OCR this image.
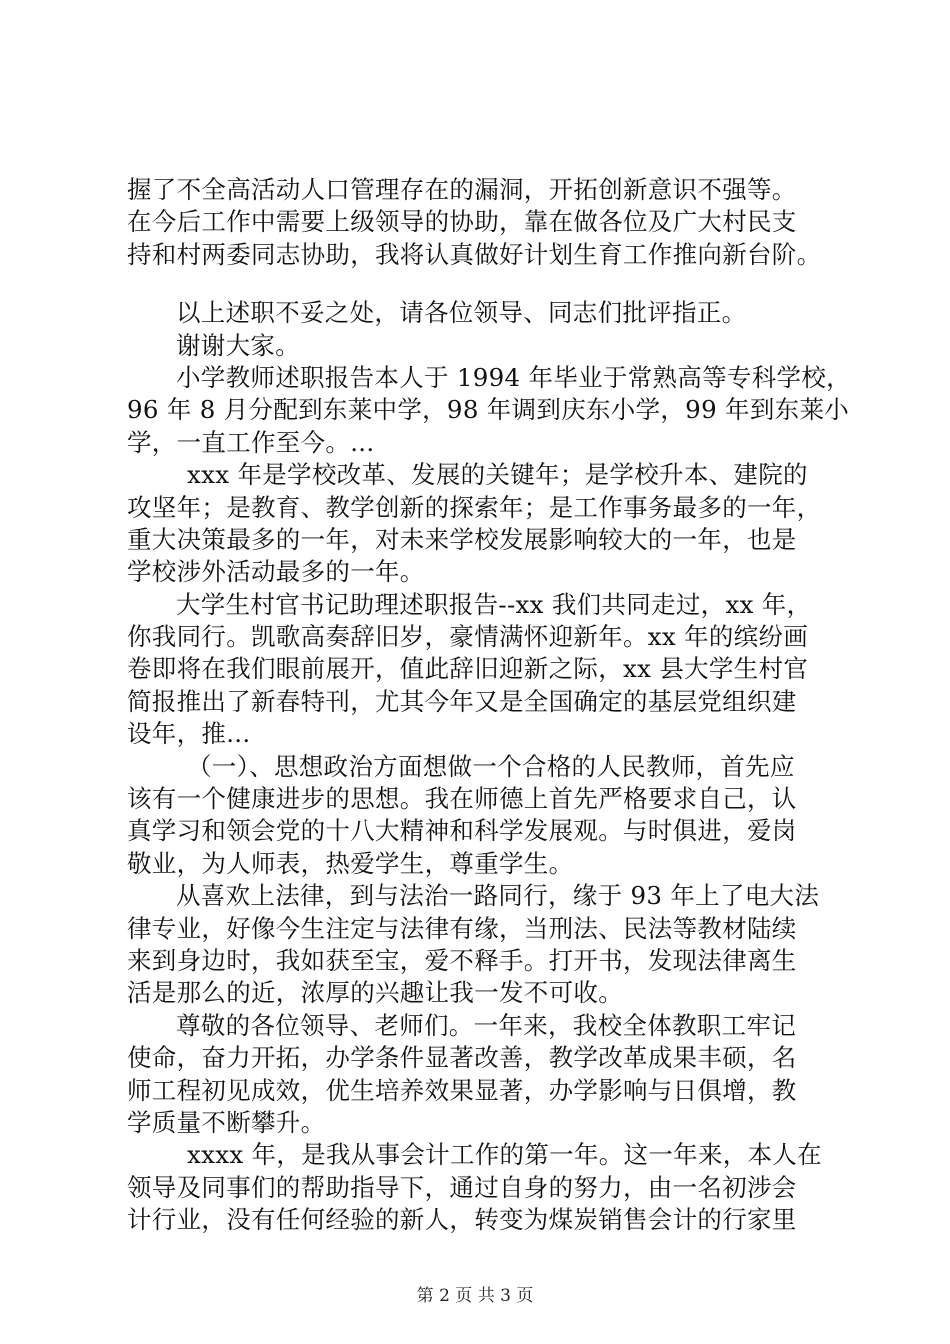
握了不全高活动人口管理存在的漏洞，开拓创新意识不强等。
在今后工作中需要上级领导的协助，靠在做各位及广大村民支
持和村两委同志协助，我将认真做好计划生育工作推向新台阶。
以上述职不妥之处，请各位领导、同志们批评指正。
谢谢大家。
小学教师述职报告本人于 1994 年毕业于常熟高等专科学校，
96 年 8 月分配到东莱中学，98 年调到庆东小学，99 年到东莱小
学，一直工作至今。...
xxx 年是学校改革、发展的关键年；是学校升本、建院的
攻坚年；是教育、教学创新的探索年；是工作事务最多的一年，
重大决策最多的一年，对未来学校发展影响较大的一年，也是
学校涉外活动最多的一年。
大学生村官书记助理述职报告--xx 我们共同走过，xx 年，
你我同行。凯歌高奏辞旧岁，豪情满怀迎新年。xx 年的缤纷画
卷即将在我们眼前展开，值此辞旧迎新之际，xx 县大学生村官
简报推出了新春特刊，尤其今年又是全国确定的基层党组织建
设年，推...
（一）、思想政治方面想做一个合格的人民教师，首先应
该有一个健康进步的思想。我在师德上首先严格要求自己，认
真学习和领会党的十八大精神和科学发展观。与时俱进，爱岗
敬业，为人师表，热爱学生，尊重学生。
从喜欢上法律，到与法治一路同行，缘于 93 年上了电大法
律专业，好像今生注定与法律有缘，当刑法、民法等教材陆续
来到身边时，我如获至宝，爱不释手。打开书，发现法律离生
活是那么的近，浓厚的兴趣让我一发不可收。
尊敬的各位领导、老师们。一年来，我校全体教职工牢记
使命，奋力开拓，办学条件显著改善，教学改革成果丰硕，名
师工程初见成效，优生培养效果显著，办学影响与日俱增，教
学质量不断攀升。
xxxx 年，是我从事会计工作的第一年。这一年来，本人在
领导及同事们的帮助指导下，通过自身的努力，由一名初涉会
计行业，没有任何经验的新人，转变为煤炭销售会计的行家里
第 2 页 共 3 页
